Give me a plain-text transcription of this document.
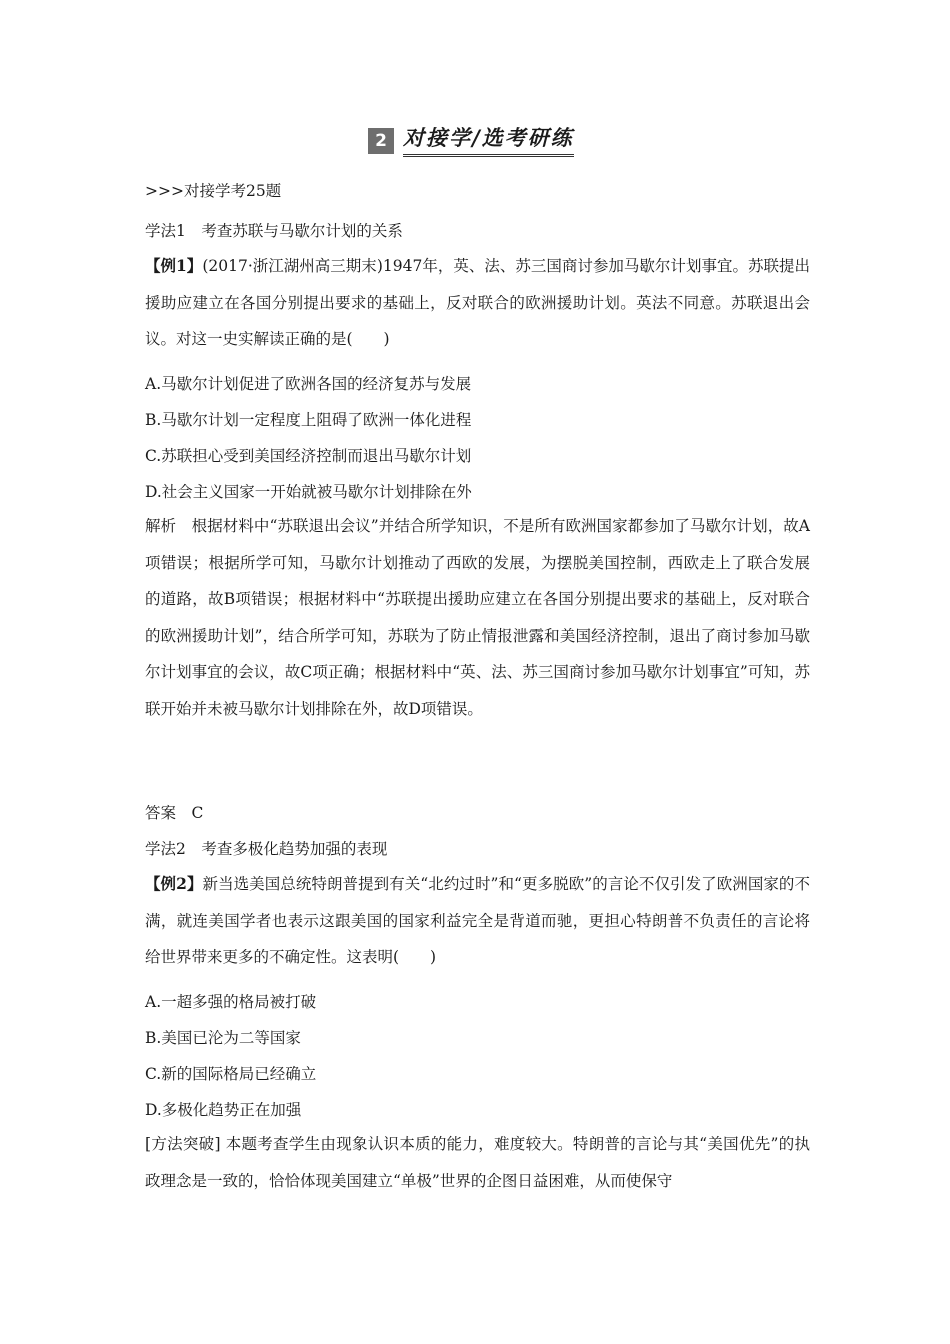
2 对接学/选考研练
>>>对接学考25题
学法1　考查苏联与马歇尔计划的关系
【例1】(2017·浙江湖州高三期末)1947年，英、法、苏三国商讨参加马歇尔计划事宜。苏联提出援助应建立在各国分别提出要求的基础上，反对联合的欧洲援助计划。英法不同意。苏联退出会议。对这一史实解读正确的是(　　)
A.马歇尔计划促进了欧洲各国的经济复苏与发展
B.马歇尔计划一定程度上阻碍了欧洲一体化进程
C.苏联担心受到美国经济控制而退出马歇尔计划
D.社会主义国家一开始就被马歇尔计划排除在外
解析　根据材料中“苏联退出会议”并结合所学知识，不是所有欧洲国家都参加了马歇尔计划，故A项错误；根据所学可知，马歇尔计划推动了西欧的发展，为摆脱美国控制，西欧走上了联合发展的道路，故B项错误；根据材料中“苏联提出援助应建立在各国分别提出要求的基础上，反对联合的欧洲援助计划”，结合所学可知，苏联为了防止情报泄露和美国经济控制，退出了商讨参加马歇尔计划事宜的会议，故C项正确；根据材料中“英、法、苏三国商讨参加马歇尔计划事宜”可知，苏联开始并未被马歇尔计划排除在外，故D项错误。
答案　C
学法2　考查多极化趋势加强的表现
【例2】新当选美国总统特朗普提到有关“北约过时”和“更多脱欧”的言论不仅引发了欧洲国家的不满，就连美国学者也表示这跟美国的国家利益完全是背道而驰，更担心特朗普不负责任的言论将给世界带来更多的不确定性。这表明(　　)
A.一超多强的格局被打破
B.美国已沦为二等国家
C.新的国际格局已经确立
D.多极化趋势正在加强
[方法突破] 本题考查学生由现象认识本质的能力，难度较大。特朗普的言论与其“美国优先”的执政理念是一致的，恰恰体现美国建立“单极”世界的企图日益困难，从而使保守
